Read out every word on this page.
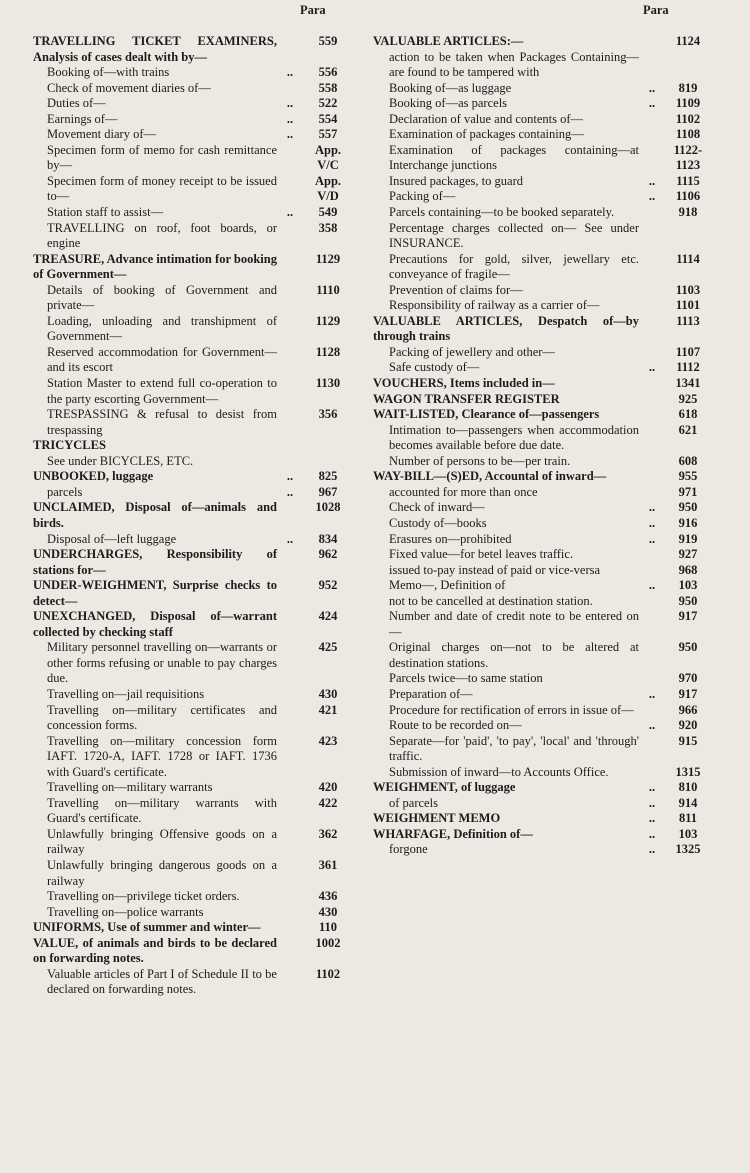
Para	Para
TRAVELLING TICKET EXAMINERS, Analysis of cases dealt with by—
559
Booking of—with trains	..	556
Check of movement diaries of—	558
Duties of—	..	522
Earnings of—	..	554
Movement diary of—	..	557
Specimen form of memo for cash remittance by—
App. V/C
Specimen form of money receipt to be issued to—
App. V/D
Station staff to assist—	..	549
TRAVELLING on roof, foot boards, or engine
358
TREASURE, Advance intimation for booking of Government—
1129
Details of booking of Government and private—
1110
Loading, unloading and transhipment of Government—
1129
Reserved accommodation for Government—and its escort
1128
Station Master to extend full co-operation to the party escorting Government—
1130
TRESPASSING & refusal to desist from trespassing
356
TRICYCLES
See under BICYCLES, ETC.
UNBOOKED, luggage	..	825
parcels	..	967
UNCLAIMED, Disposal of—animals and birds.
1028
Disposal of—left luggage	..	834
UNDERCHARGES, Responsibility of stations for—
962
UNDER-WEIGHMENT, Surprise checks to detect—
952
UNEXCHANGED, Disposal of—warrant collected by checking staff
424
Military personnel travelling on—warrants or other forms refusing or unable to pay charges due.
425
Travelling on—jail requisitions	430
Travelling on—military certificates and concession forms.
421
Travelling on—military concession form IAFT. 1720-A, IAFT. 1728 or IAFT. 1736 with Guard's certificate.
423
Travelling on—military warrants	420
Travelling on—military warrants with Guard's certificate.
422
Unlawfully bringing Offensive goods on a railway
362
Unlawfully bringing dangerous goods on a railway
361
Travelling on—privilege ticket orders.	436
Travelling on—police warrants	430
UNIFORMS, Use of summer and winter—	110
VALUE, of animals and birds to be declared on forwarding notes.
1002
Valuable articles of Part I of Schedule II to be declared on forwarding notes.
1102
VALUABLE ARTICLES:—	1124
action to be taken when Packages Containing—are found to be tampered with
Booking of—as luggage	..	819
Booking of—as parcels	..	1109
Declaration of value and contents of—	1102
Examination of packages containing—	1108
Examination of packages containing—at Interchange junctions
1122-1123
Insured packages, to guard	..	1115
Packing of—	..	1106
Parcels containing—to be booked separately.	918
Percentage charges collected on— See under INSURANCE.
Precautions for gold, silver, jewellary etc. conveyance of fragile—
1114
Prevention of claims for—	1103
Responsibility of railway as a carrier of—	1101
VALUABLE ARTICLES, Despatch of—by through trains
1113
Packing of jewellery and other—	1107
Safe custody of—	..	1112
VOUCHERS, Items included in—	1341
WAGON TRANSFER REGISTER	925
WAIT-LISTED, Clearance of—passengers	618
Intimation to—passengers when accommodation becomes available before due date.
621
Number of persons to be—per train.	608
WAY-BILL—(S)ED, Accountal of inward—	955
accounted for more than once	971
Check of inward—	..	950
Custody of—books	..	916
Erasures on—prohibited	..	919
Fixed value—for betel leaves traffic.	927
issued to-pay instead of paid or vice-versa	968
Memo—, Definition of	..	103
not to be cancelled at destination station.	950
Number and date of credit note to be entered on—
917
Original charges on—not to be altered at destination stations.
950
Parcels twice—to same station	970
Preparation of—	..	917
Procedure for rectification of errors in issue of—	966
Route to be recorded on—	..	920
Separate—for 'paid', 'to pay', 'local' and 'through' traffic.
915
Submission of inward—to Accounts Office.	1315
WEIGHMENT, of luggage	..	810
of parcels	..	914
WEIGHMENT MEMO	..	811
WHARFAGE, Definition of—	..	103
forgone	..	1325
